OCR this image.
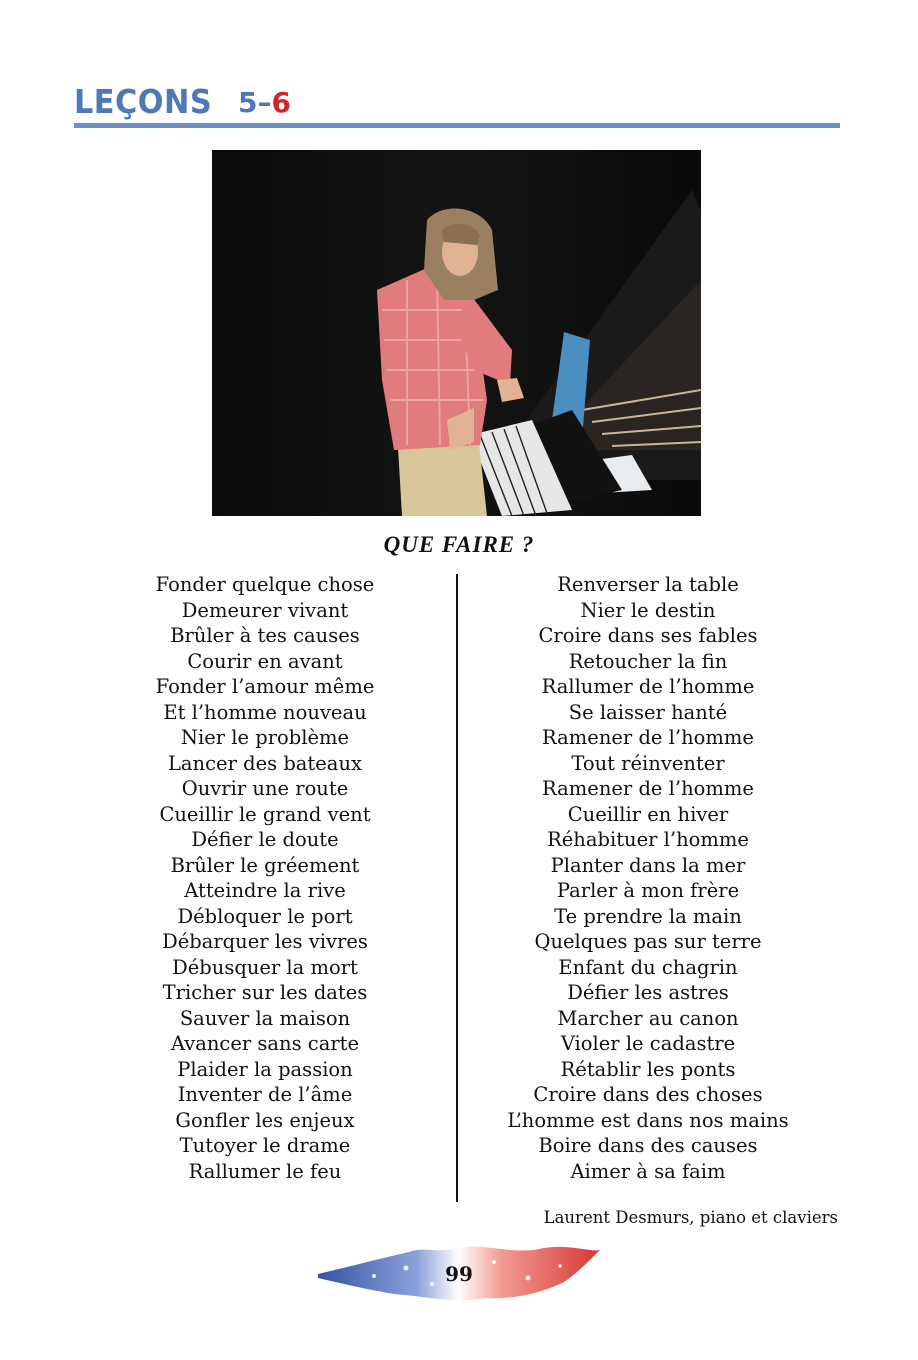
LEÇONS 5–6
QUE FAIRE ?
Fonder quelque chose
Demeurer vivant
Brûler à tes causes
Courir en avant
Fonder l’amour même
Et l’homme nouveau
Nier le problème
Lancer des bateaux
Ouvrir une route
Cueillir le grand vent
Défier le doute
Brûler le gréement
Atteindre la rive
Débloquer le port
Débarquer les vivres
Débusquer la mort
Tricher sur les dates
Sauver la maison
Avancer sans carte
Plaider la passion
Inventer de l’âme
Gonfler les enjeux
Tutoyer le drame
Rallumer le feu
Renverser la table
Nier le destin
Croire dans ses fables
Retoucher la fin
Rallumer de l’homme
Se laisser hanté
Ramener de l’homme
Tout réinventer
Ramener de l’homme
Cueillir en hiver
Réhabituer l’homme
Planter dans la mer
Parler à mon frère
Te prendre la main
Quelques pas sur terre
Enfant du chagrin
Défier les astres
Marcher au canon
Violer le cadastre
Rétablir les ponts
Croire dans des choses
L’homme est dans nos mains
Boire dans des causes
Aimer à sa faim
Laurent Desmurs, piano et claviers
99
